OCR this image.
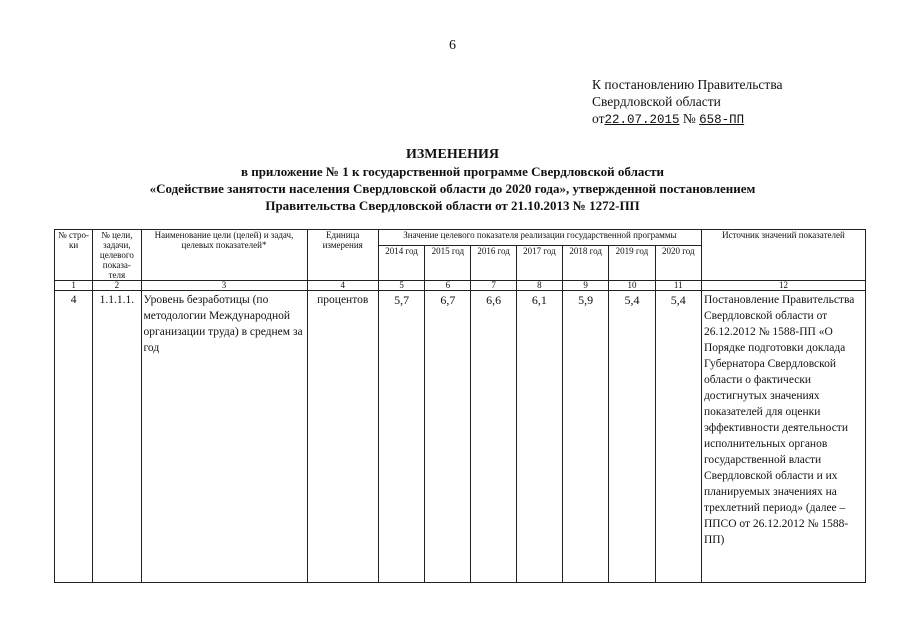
6
К постановлению Правительства
Свердловской области
от22.07.2015 № 658-ПП
ИЗМЕНЕНИЯ
в приложение № 1 к государственной программе Свердловской области
«Содействие занятости населения Свердловской области до 2020 года», утвержденной постановлением
Правительства Свердловской области от 21.10.2013 № 1272-ПП
№ стро-ки	№ цели, задачи, целевого показа-теля	Наименование цели (целей) и задач, целевых показателей*	Единица измерения	Значение целевого показателя реализации государственной программы							Источник значений показателей
				2014 год	2015 год	2016 год	2017 год	2018 год	2019 год	2020 год	
1	2	3	4	5	6	7	8	9	10	11	12
4	1.1.1.1.	Уровень безработицы (по методологии Международной организации труда) в среднем за год	процентов	5,7	6,7	6,6	6,1	5,9	5,4	5,4	Постановление Правительства Свердловской области от 26.12.2012 № 1588-ПП «О Порядке подготовки доклада Губернатора Свердловской области о фактически достигнутых значениях показателей для оценки эффективности деятельности исполнительных органов государственной власти Свердловской области и их планируемых значениях на трехлетний период» (далее – ППСО от 26.12.2012 № 1588-ПП)
